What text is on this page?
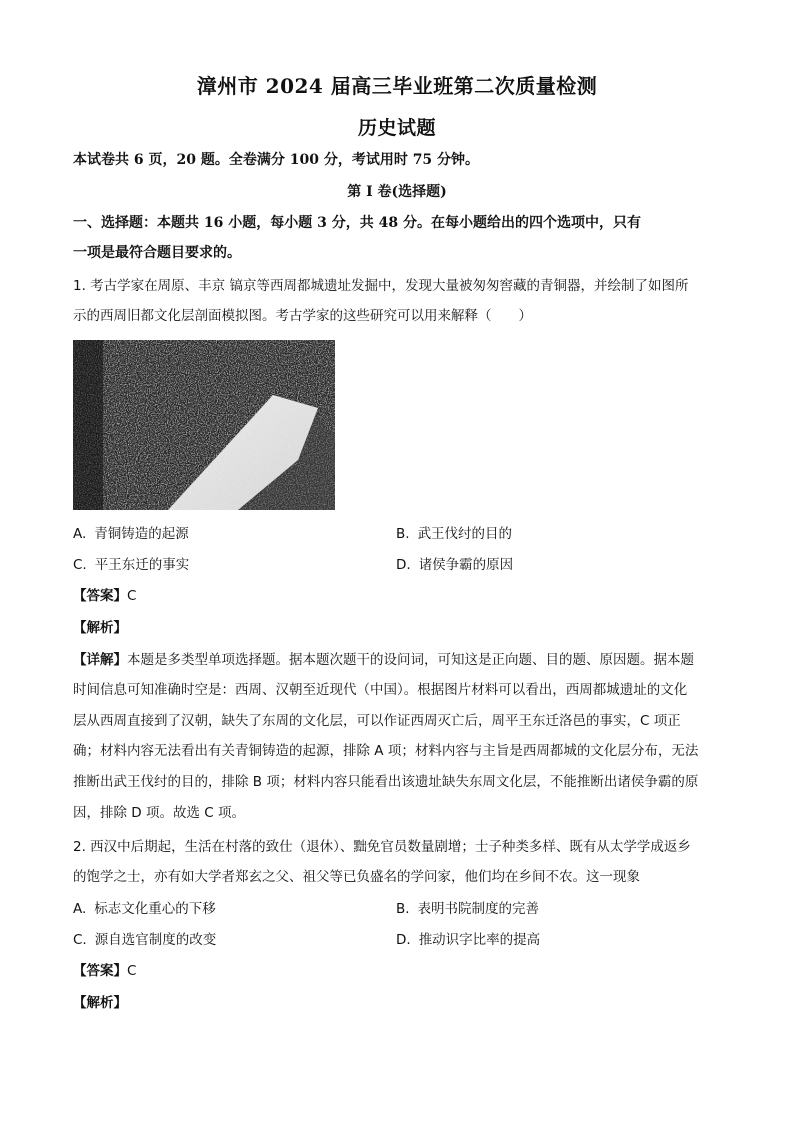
漳州市 2024 届高三毕业班第二次质量检测
历史试题
本试卷共 6 页，20 题。全卷满分 100 分，考试用时 75 分钟。
第 Ⅰ 卷(选择题)
一、选择题：本题共 16 小题，每小题 3 分，共 48 分。在每小题给出的四个选项中，只有
一项是最符合题目要求的。
1. 考古学家在周原、丰京 镐京等西周都城遗址发掘中，发现大量被匆匆窖藏的青铜器，并绘制了如图所
示的西周旧都文化层剖面模拟图。考古学家的这些研究可以用来解释（　　）
A. 青铜铸造的起源	B. 武王伐纣的目的
C. 平王东迁的事实	D. 诸侯争霸的原因
【答案】C
【解析】
【详解】本题是多类型单项选择题。据本题次题干的设问词，可知这是正向题、目的题、原因题。据本题
时间信息可知准确时空是：西周、汉朝至近现代（中国）。根据图片材料可以看出，西周都城遗址的文化
层从西周直接到了汉朝，缺失了东周的文化层，可以作证西周灭亡后，周平王东迁洛邑的事实，C 项正
确；材料内容无法看出有关青铜铸造的起源，排除 A 项；材料内容与主旨是西周都城的文化层分布，无法
推断出武王伐纣的目的，排除 B 项；材料内容只能看出该遗址缺失东周文化层，不能推断出诸侯争霸的原
因，排除 D 项。故选 C 项。
2. 西汉中后期起，生活在村落的致仕（退休）、黜免官员数量剧增；士子种类多样、既有从太学学成返乡
的饱学之士，亦有如大学者郑玄之父、祖父等已负盛名的学问家，他们均在乡间不农。这一现象
A. 标志文化重心的下移	B. 表明书院制度的完善
C. 源自选官制度的改变	D. 推动识字比率的提高
【答案】C
【解析】
